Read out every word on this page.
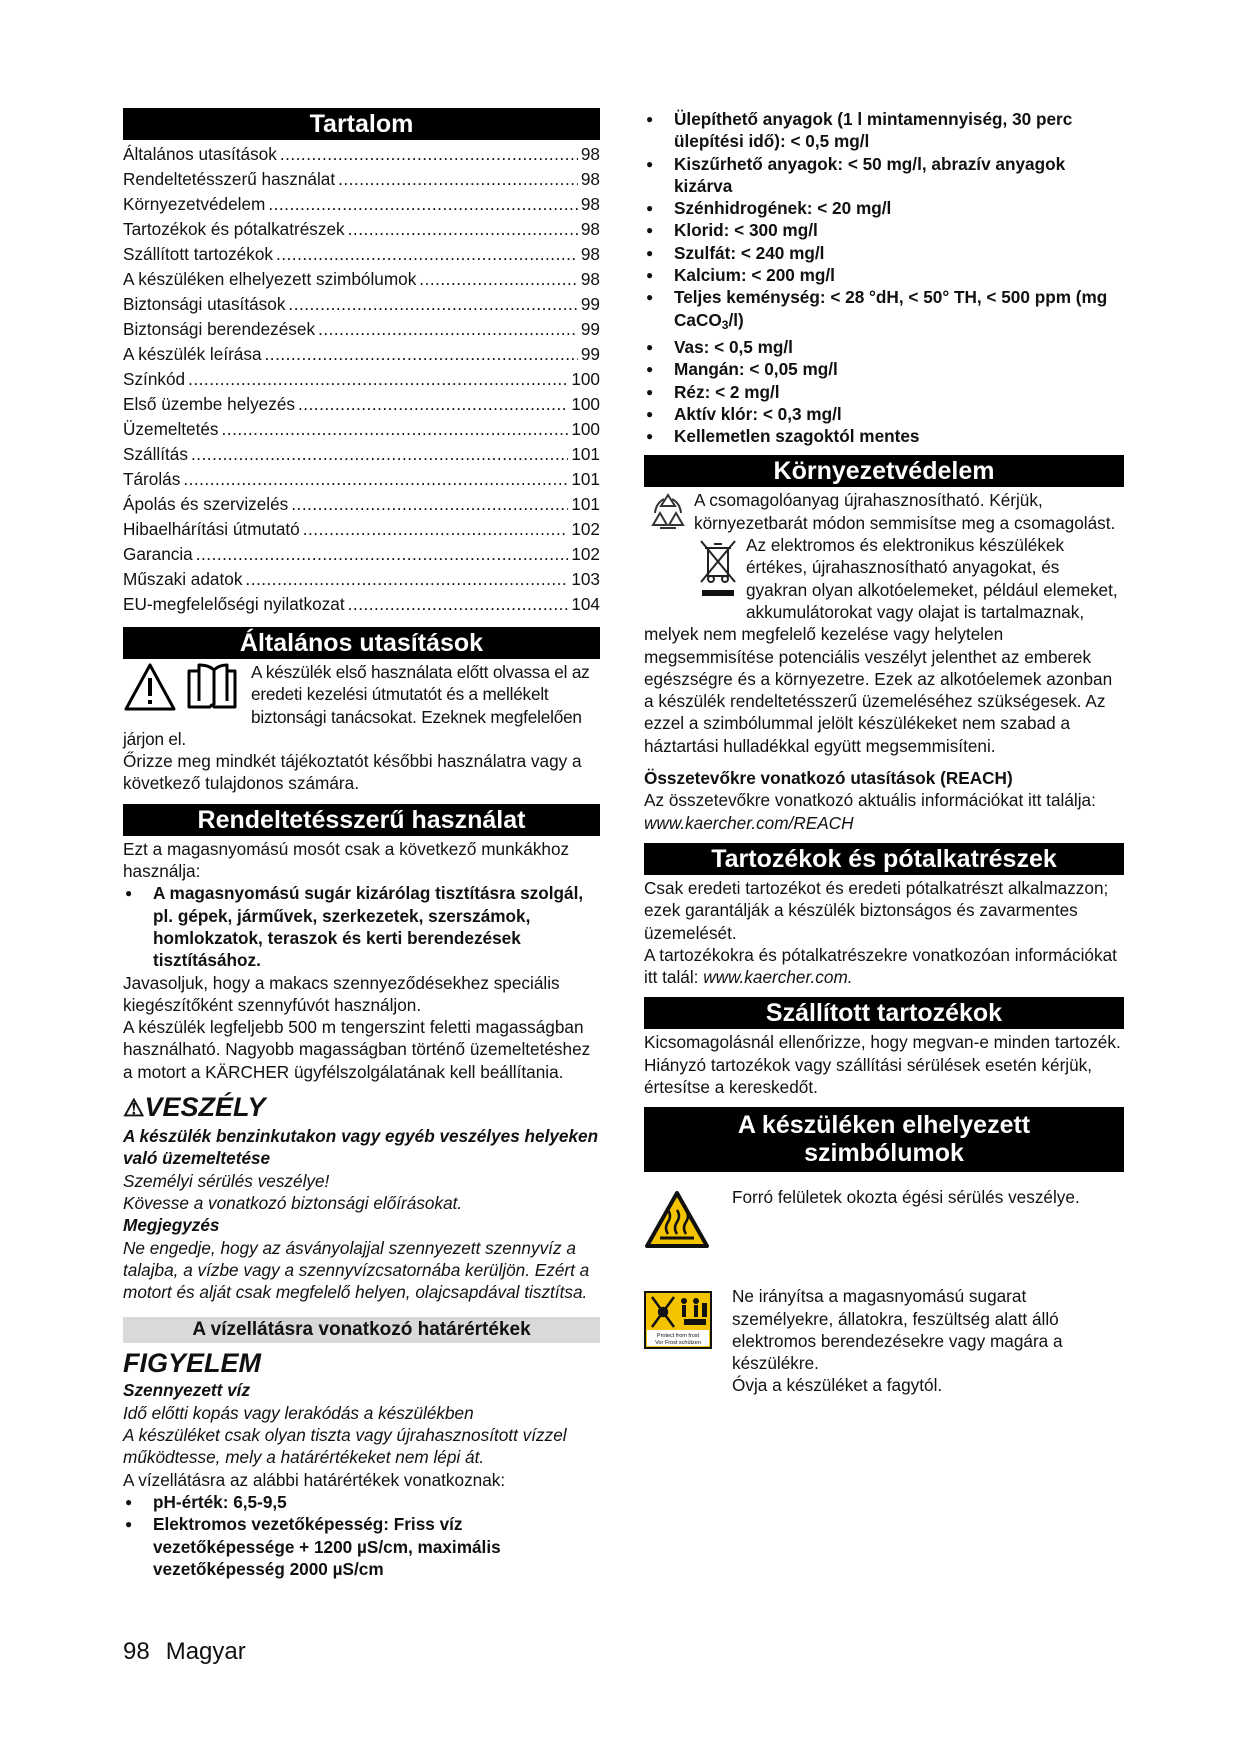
Tartalom
Általános utasítások .....	98
Rendeltetésszerű használat .....	98
Környezetvédelem .....	98
Tartozékok és pótalkatrészek .....	98
Szállított tartozékok .....	98
A készüléken elhelyezett szimbólumok .....	98
Biztonsági utasítások .....	99
Biztonsági berendezések .....	99
A készülék leírása .....	99
Színkód .....	100
Első üzembe helyezés .....	100
Üzemeltetés .....	100
Szállítás .....	101
Tárolás .....	101
Ápolás és szervizelés .....	101
Hibaelhárítási útmutató .....	102
Garancia .....	102
Műszaki adatok .....	103
EU-megfelelőségi nyilatkozat .....	104
Általános utasítások

A készülék első használata előtt olvassa el az eredeti kezelési útmutatót és a mellékelt biztonsági tanácsokat. Ezeknek megfelelően járjon el.

Őrizze meg mindkét tájékoztatót későbbi használatra vagy a következő tulajdonos számára.

Rendeltetésszerű használat

Ezt a magasnyomású mosót csak a következő munkákhoz használja:

● A magasnyomású sugár kizárólag tisztításra szolgál, pl. gépek, járművek, szerkezetek, szerszámok, homlokzatok, teraszok és kerti berendezések tisztításához.

Javasoljuk, hogy a makacs szennyeződésekhez speciális kiegészítőként szennyfúvót használjon.

A készülék legfeljebb 500 m tengerszint feletti magasságban használható. Nagyobb magasságban történő üzemeltetéshez a motort a KÄRCHER ügyfélszolgálatának kell beállítania.

⚠VESZÉLY

A készülék benzinkutakon vagy egyéb veszélyes helyeken való üzemeltetése

Személyi sérülés veszélye!

Kövesse a vonatkozó biztonsági előírásokat.

Megjegyzés

Ne engedje, hogy az ásványolajjal szennyezett szennyvíz a talajba, a vízbe vagy a szennyvízcsatornába kerüljön. Ezért a motort és alját csak megfelelő helyen, olajcsapdával tisztítsa.

A vízellátásra vonatkozó határértékek
FIGYELEM

Szennyezett víz

Idő előtti kopás vagy lerakódás a készülékben

A készüléket csak olyan tiszta vagy újrahasznosított vízzel működtesse, mely a határértékeket nem lépi át.

A vízellátásra az alábbi határértékek vonatkoznak:

● pH-érték: 6,5-9,5
● Elektromos vezetőképesség: Friss víz vezetőképessége + 1200 µS/cm, maximális vezetőképesség 2000 µS/cm
● Ülepíthető anyagok (1 l mintamennyiség, 30 perc ülepítési idő): < 0,5 mg/l
● Kiszűrhető anyagok: < 50 mg/l, abrazív anyagok kizárva
● Szénhidrogének: < 20 mg/l
● Klorid: < 300 mg/l
● Szulfát: < 240 mg/l
● Kalcium: < 200 mg/l
● Teljes keménység: < 28 °dH, < 50° TH, < 500 ppm (mg CaCO$_3$/l)
● Vas: < 0,5 mg/l
● Mangán: < 0,05 mg/l
● Réz: < 2 mg/l
● Aktív klór: < 0,3 mg/l
● Kellemetlen szagoktól mentes
Környezetvédelem

A csomagolóanyag újrahasznosítható. Kérjük, környezetbarát módon semmisítse meg a csomagolást.

Az elektromos és elektronikus készülékek értékes, újrahasznosítható anyagokat, és gyakran olyan alkotóelemeket, például elemeket, akkumulátorokat vagy olajat is tartalmaznak, melyek nem megfelelő kezelése vagy helytelen megsemmisítése potenciális veszélyt jelenthet az emberek egészségre és a környezetre. Ezek az alkotóelemek azonban a készülék rendeltetésszerű üzemeléséhez szükségesek. Az ezzel a szimbólummal jelölt készülékeket nem szabad a háztartási hulladékkal együtt megsemmisíteni.

Összetevőkre vonatkozó utasítások (REACH)

Az összetevőkre vonatkozó aktuális információkat itt találja: www.kaercher.com/REACH

Tartozékok és pótalkatrészek

Csak eredeti tartozékot és eredeti pótalkatrészt alkalmazzon; ezek garantálják a készülék biztonságos és zavarmentes üzemelését.

A tartozékokra és pótalkatrészekre vonatkozóan információkat itt talál: www.kaercher.com.

Szállított tartozékok

Kicsomagolásnál ellenőrizze, hogy megvan-e minden tartozék. Hiányzó tartozékok vagy szállítási sérülések esetén kérjük, értesítse a kereskedőt.

A készüléken elhelyezett
szimbólumok

Forró felületek okozta égési sérülés veszélye.

Protect from frost
Vor Frost schützen

Ne irányítsa a magasnyomású sugarat személyekre, állatokra, feszültség alatt álló elektromos berendezésekre vagy magára a készülékre.

Óvja a készüléket a fagytól.

98 Magyar
